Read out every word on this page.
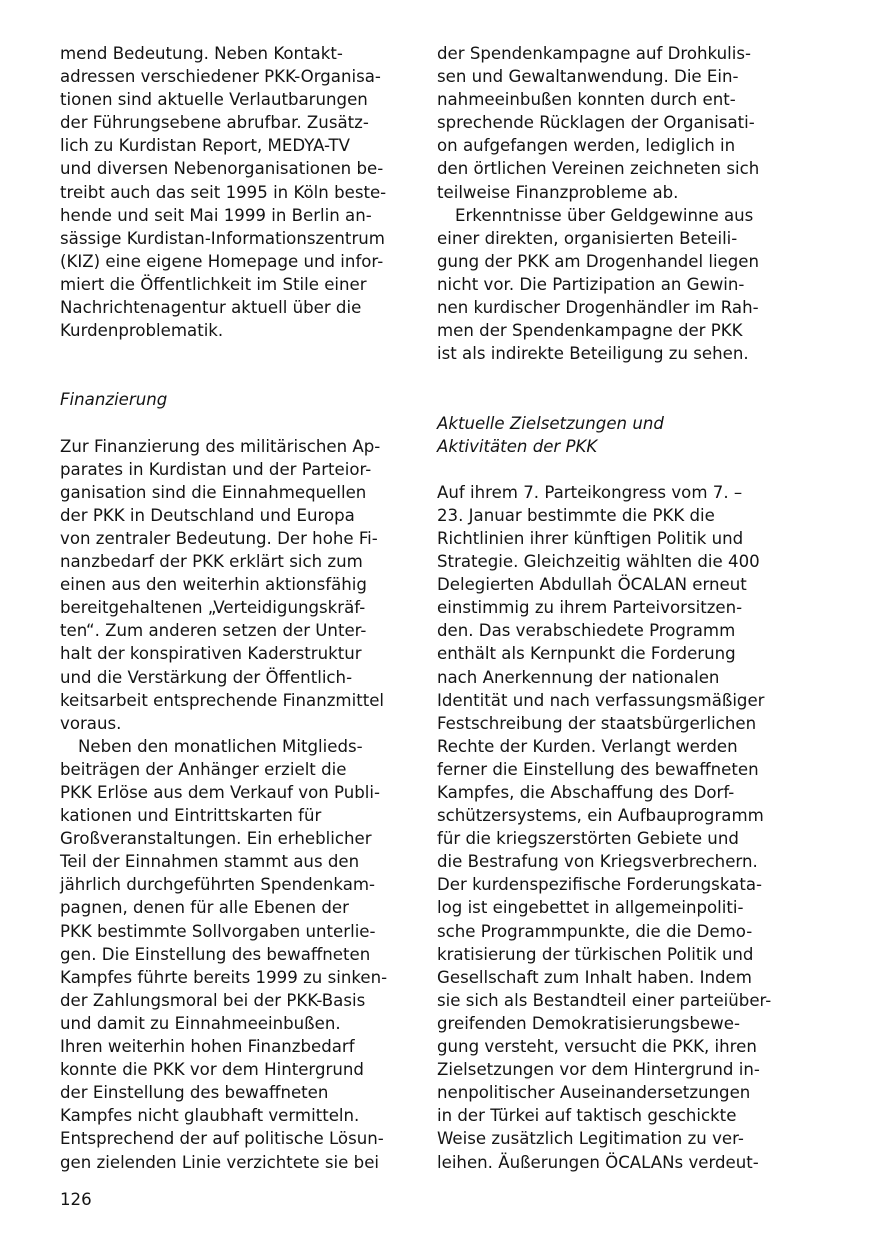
mend Bedeutung. Neben Kontakt-
adressen verschiedener PKK-Organisa-
tionen sind aktuelle Verlautbarungen
der Führungsebene abrufbar. Zusätz-
lich zu Kurdistan Report, MEDYA-TV
und diversen Nebenorganisationen be-
treibt auch das seit 1995 in Köln beste-
hende und seit Mai 1999 in Berlin an-
sässige Kurdistan-Informationszentrum
(KIZ) eine eigene Homepage und infor-
miert die Öffentlichkeit im Stile einer
Nachrichtenagentur aktuell über die
Kurdenproblematik.
Finanzierung
Zur Finanzierung des militärischen Ap-
parates in Kurdistan und der Parteior-
ganisation sind die Einnahmequellen
der PKK in Deutschland und Europa
von zentraler Bedeutung. Der hohe Fi-
nanzbedarf der PKK erklärt sich zum
einen aus den weiterhin aktionsfähig
bereitgehaltenen „Verteidigungskräf-
ten“. Zum anderen setzen der Unter-
halt der konspirativen Kaderstruktur
und die Verstärkung der Öffentlich-
keitsarbeit entsprechende Finanzmittel
voraus.
Neben den monatlichen Mitglieds-
beiträgen der Anhänger erzielt die
PKK Erlöse aus dem Verkauf von Publi-
kationen und Eintrittskarten für
Großveranstaltungen. Ein erheblicher
Teil der Einnahmen stammt aus den
jährlich durchgeführten Spendenkam-
pagnen, denen für alle Ebenen der
PKK bestimmte Sollvorgaben unterlie-
gen. Die Einstellung des bewaffneten
Kampfes führte bereits 1999 zu sinken-
der Zahlungsmoral bei der PKK-Basis
und damit zu Einnahmeeinbußen.
Ihren weiterhin hohen Finanzbedarf
konnte die PKK vor dem Hintergrund
der Einstellung des bewaffneten
Kampfes nicht glaubhaft vermitteln.
Entsprechend der auf politische Lösun-
gen zielenden Linie verzichtete sie bei
der Spendenkampagne auf Drohkulis-
sen und Gewaltanwendung. Die Ein-
nahmeeinbußen konnten durch ent-
sprechende Rücklagen der Organisati-
on aufgefangen werden, lediglich in
den örtlichen Vereinen zeichneten sich
teilweise Finanzprobleme ab.
Erkenntnisse über Geldgewinne aus
einer direkten, organisierten Beteili-
gung der PKK am Drogenhandel liegen
nicht vor. Die Partizipation an Gewin-
nen kurdischer Drogenhändler im Rah-
men der Spendenkampagne der PKK
ist als indirekte Beteiligung zu sehen.
Aktuelle Zielsetzungen und
Aktivitäten der PKK
Auf ihrem 7. Parteikongress vom 7. –
23. Januar bestimmte die PKK die
Richtlinien ihrer künftigen Politik und
Strategie. Gleichzeitig wählten die 400
Delegierten Abdullah ÖCALAN erneut
einstimmig zu ihrem Parteivorsitzen-
den. Das verabschiedete Programm
enthält als Kernpunkt die Forderung
nach Anerkennung der nationalen
Identität und nach verfassungsmäßiger
Festschreibung der staatsbürgerlichen
Rechte der Kurden. Verlangt werden
ferner die Einstellung des bewaffneten
Kampfes, die Abschaffung des Dorf-
schützersystems, ein Aufbauprogramm
für die kriegszerstörten Gebiete und
die Bestrafung von Kriegsverbrechern.
Der kurdenspezifische Forderungskata-
log ist eingebettet in allgemeinpoliti-
sche Programmpunkte, die die Demo-
kratisierung der türkischen Politik und
Gesellschaft zum Inhalt haben. Indem
sie sich als Bestandteil einer parteiüber-
greifenden Demokratisierungsbewe-
gung versteht, versucht die PKK, ihren
Zielsetzungen vor dem Hintergrund in-
nenpolitischer Auseinandersetzungen
in der Türkei auf taktisch geschickte
Weise zusätzlich Legitimation zu ver-
leihen. Äußerungen ÖCALANs verdeut-
126
